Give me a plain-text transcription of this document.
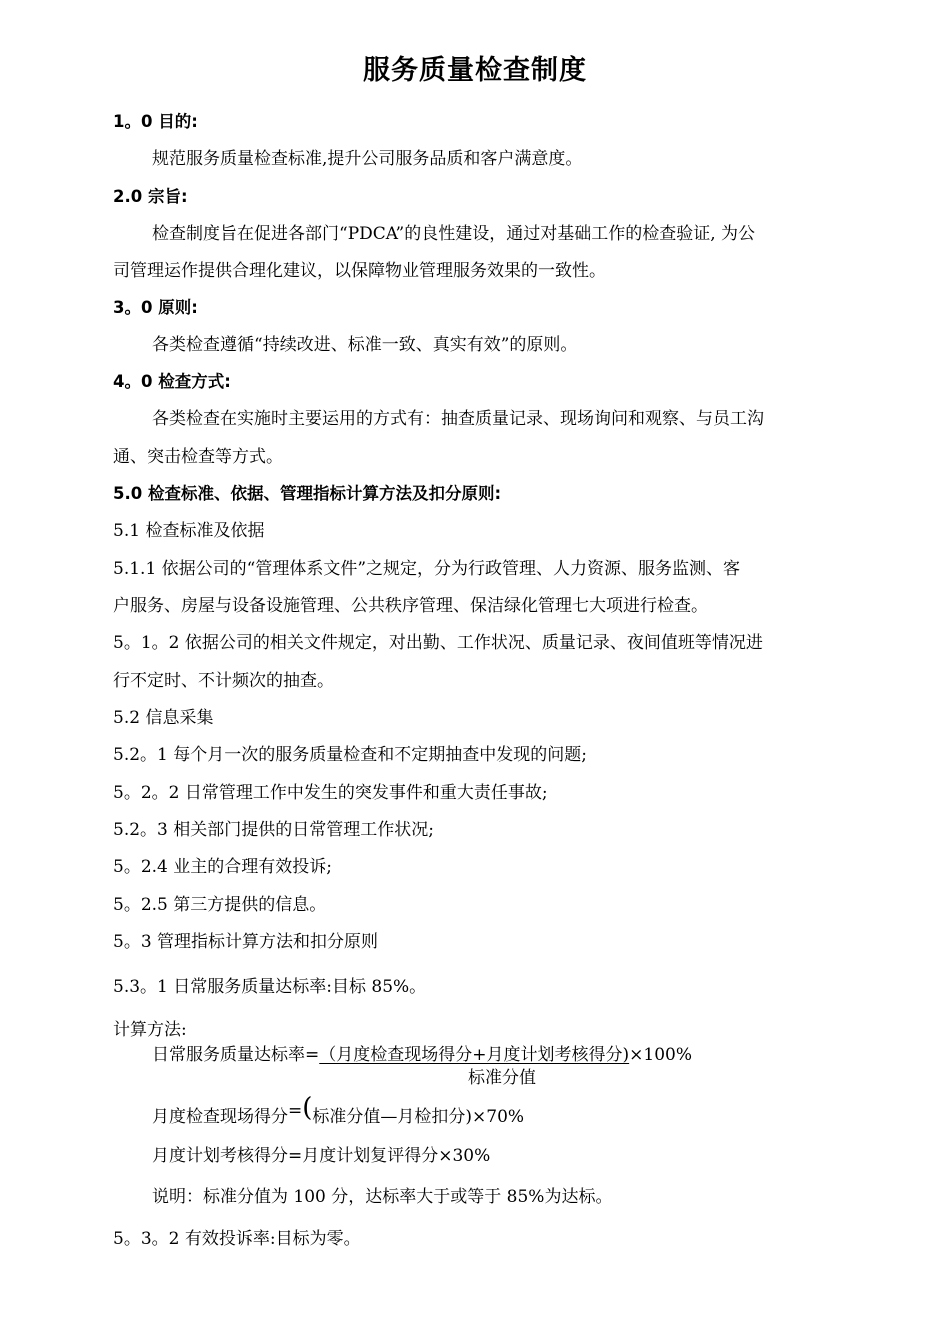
服务质量检查制度
1。0 目的:
规范服务质量检查标准,提升公司服务品质和客户满意度。
2.0 宗旨:
检查制度旨在促进各部门“PDCA”的良性建设，通过对基础工作的检查验证, 为公
司管理运作提供合理化建议，以保障物业管理服务效果的一致性。
3。0 原则:
各类检查遵循“持续改进、标准一致、真实有效”的原则。
4。0 检查方式:
各类检查在实施时主要运用的方式有：抽查质量记录、现场询问和观察、与员工沟
通、突击检查等方式。
5.0 检查标准、依据、管理指标计算方法及扣分原则:
5.1 检查标准及依据
5.1.1 依据公司的“管理体系文件”之规定，分为行政管理、人力资源、服务监测、客
户服务、房屋与设备设施管理、公共秩序管理、保洁绿化管理七大项进行检查。
5。1。2 依据公司的相关文件规定，对出勤、工作状况、质量记录、夜间值班等情况进
行不定时、不计频次的抽查。
5.2 信息采集
5.2。1 每个月一次的服务质量检查和不定期抽查中发现的问题;
5。2。2 日常管理工作中发生的突发事件和重大责任事故;
5.2。3 相关部门提供的日常管理工作状况;
5。2.4 业主的合理有效投诉;
5。2.5 第三方提供的信息。
5。3 管理指标计算方法和扣分原则
5.3。1 日常服务质量达标率:目标 85%。
计算方法:
日常服务质量达标率=（月度检查现场得分+月度计划考核得分)×100%
标准分值
月度检查现场得分=(标准分值—月检扣分)×70%
月度计划考核得分=月度计划复评得分×30%
说明：标准分值为 100 分，达标率大于或等于 85%为达标。
5。3。2 有效投诉率:目标为零。
